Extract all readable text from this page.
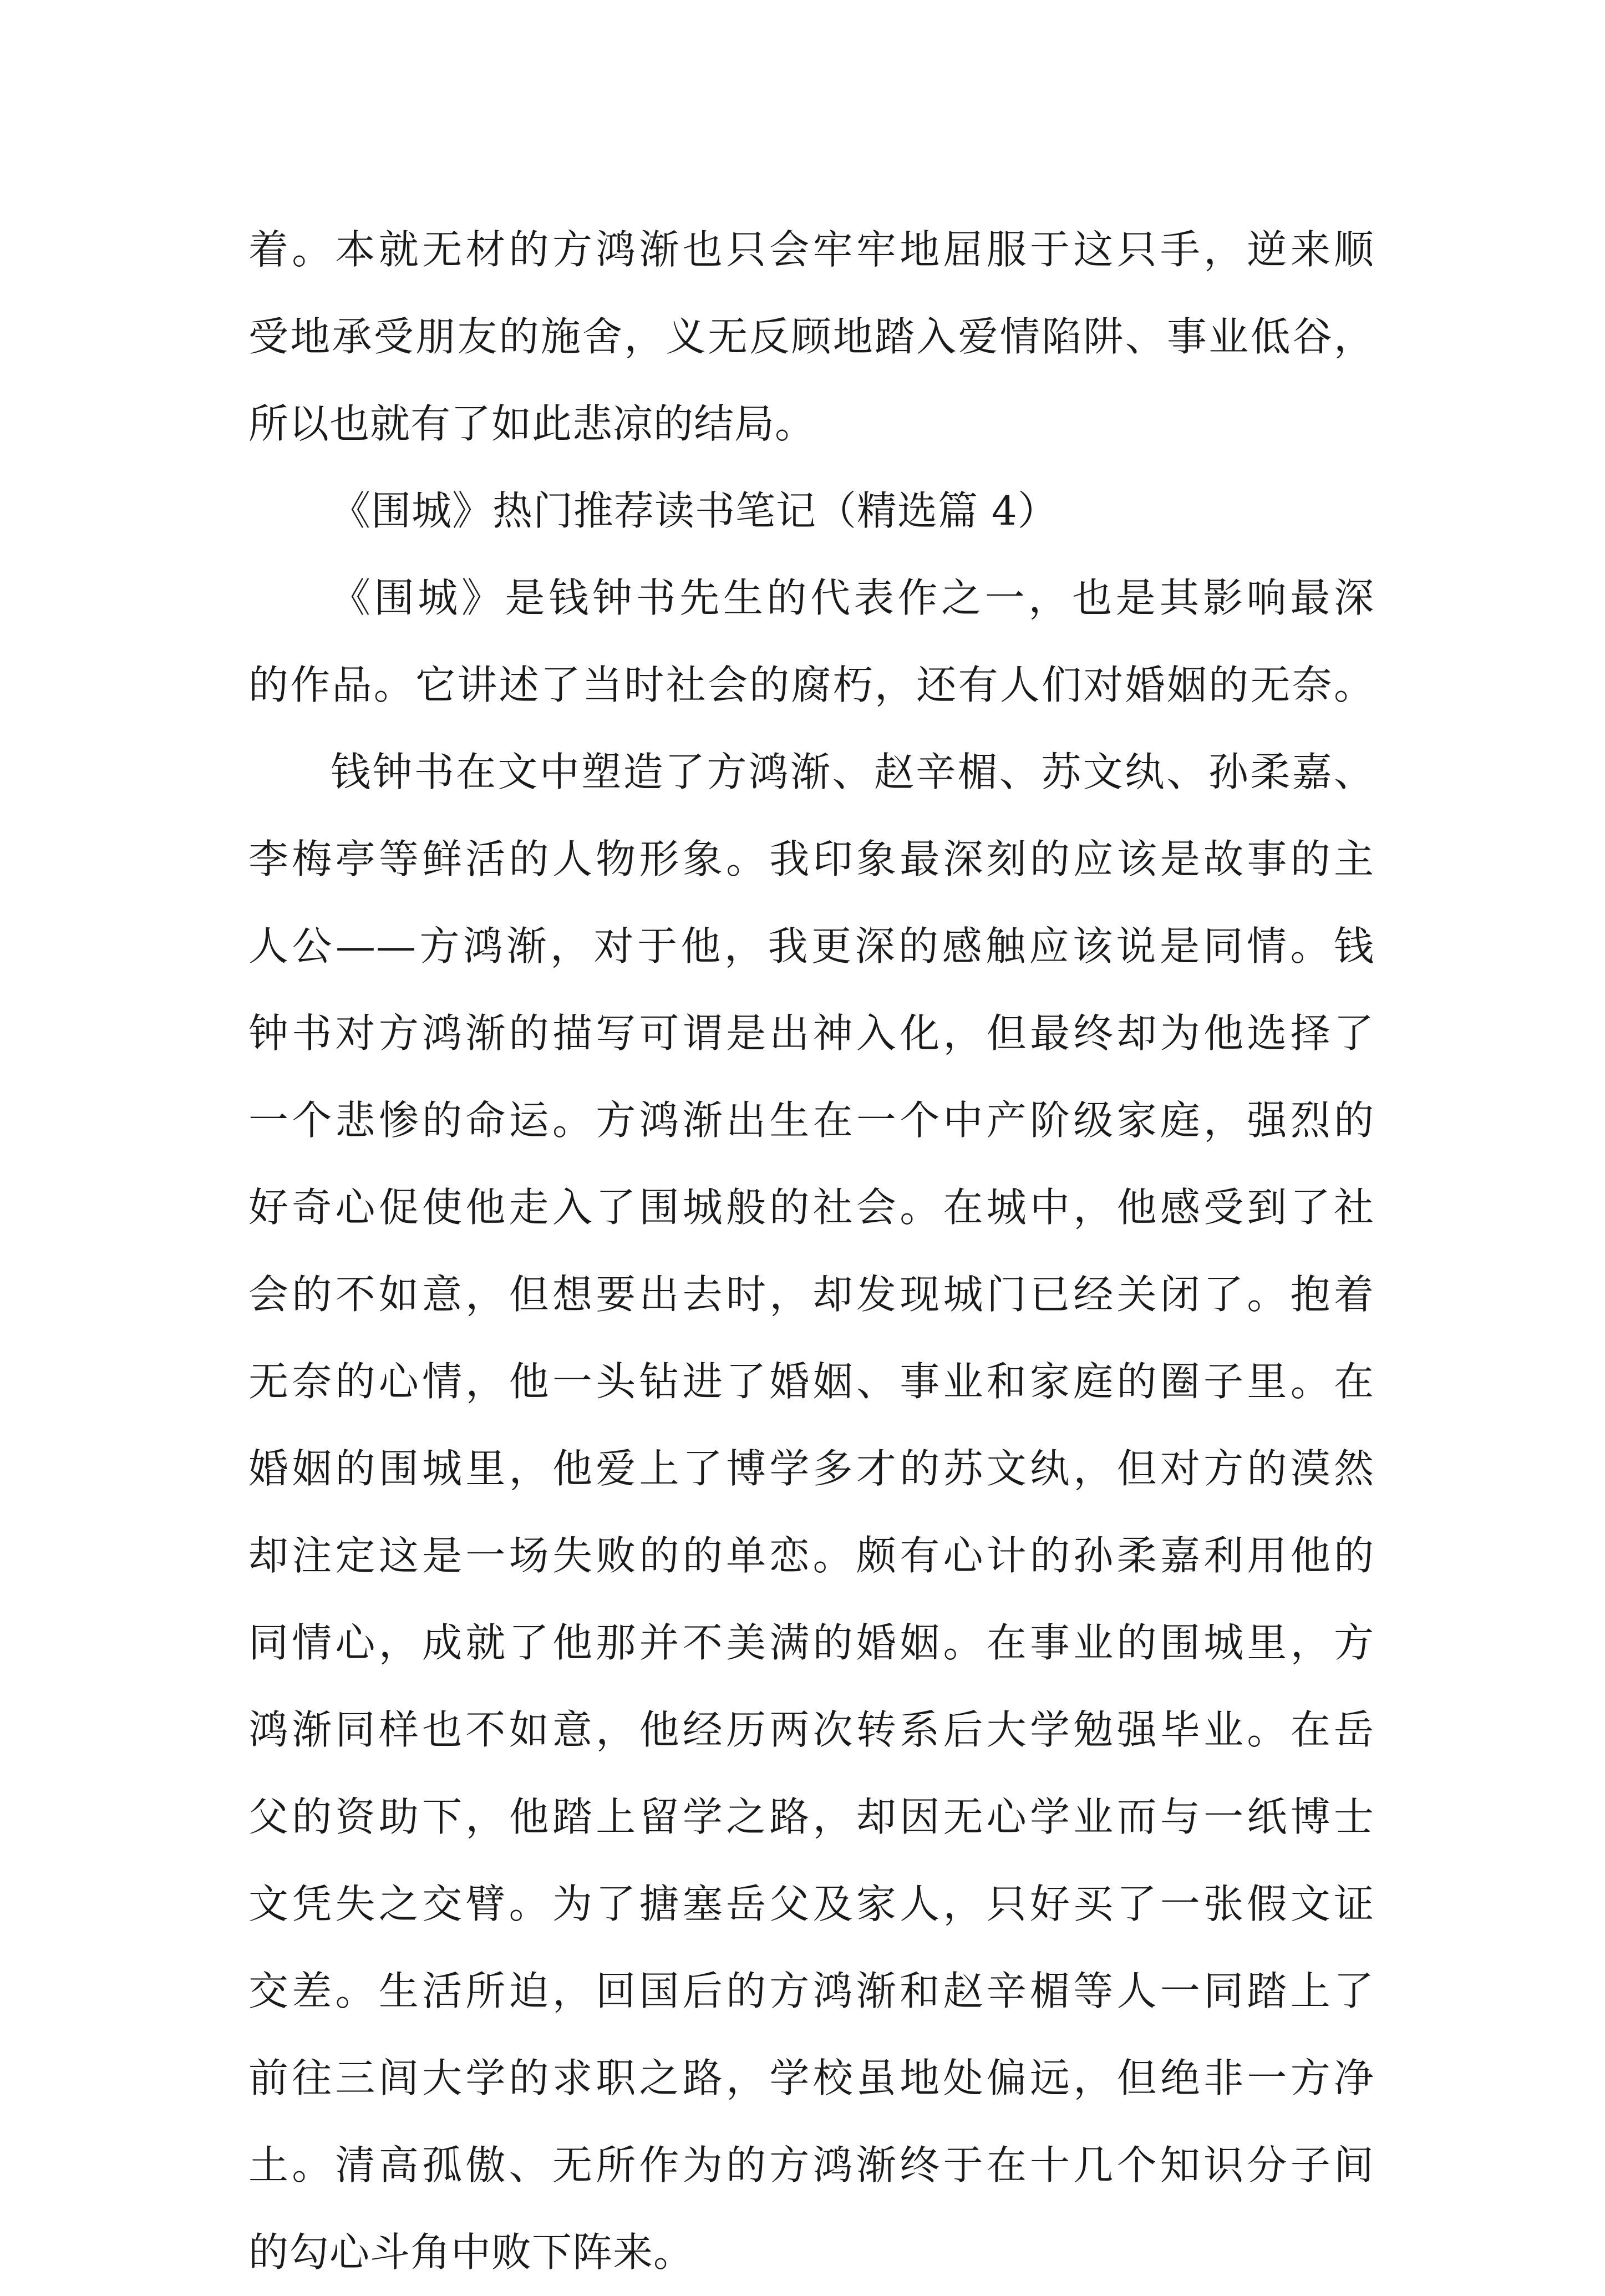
着。本就无材的方鸿渐也只会牢牢地屈服于这只手，逆来顺
受地承受朋友的施舍，义无反顾地踏入爱情陷阱、事业低谷，
所以也就有了如此悲凉的结局。
《围城》热门推荐读书笔记（精选篇 4）
《围城》是钱钟书先生的代表作之一，也是其影响最深
的作品。它讲述了当时社会的腐朽，还有人们对婚姻的无奈。
钱钟书在文中塑造了方鸿渐、赵辛楣、苏文纨、孙柔嘉、
李梅亭等鲜活的人物形象。我印象最深刻的应该是故事的主
人公——方鸿渐，对于他，我更深的感触应该说是同情。钱
钟书对方鸿渐的描写可谓是出神入化，但最终却为他选择了
一个悲惨的命运。方鸿渐出生在一个中产阶级家庭，强烈的
好奇心促使他走入了围城般的社会。在城中，他感受到了社
会的不如意，但想要出去时，却发现城门已经关闭了。抱着
无奈的心情，他一头钻进了婚姻、事业和家庭的圈子里。在
婚姻的围城里，他爱上了博学多才的苏文纨，但对方的漠然
却注定这是一场失败的的单恋。颇有心计的孙柔嘉利用他的
同情心，成就了他那并不美满的婚姻。在事业的围城里，方
鸿渐同样也不如意，他经历两次转系后大学勉强毕业。在岳
父的资助下，他踏上留学之路，却因无心学业而与一纸博士
文凭失之交臂。为了搪塞岳父及家人，只好买了一张假文证
交差。生活所迫，回国后的方鸿渐和赵辛楣等人一同踏上了
前往三闾大学的求职之路，学校虽地处偏远，但绝非一方净
土。清高孤傲、无所作为的方鸿渐终于在十几个知识分子间
的勾心斗角中败下阵来。
